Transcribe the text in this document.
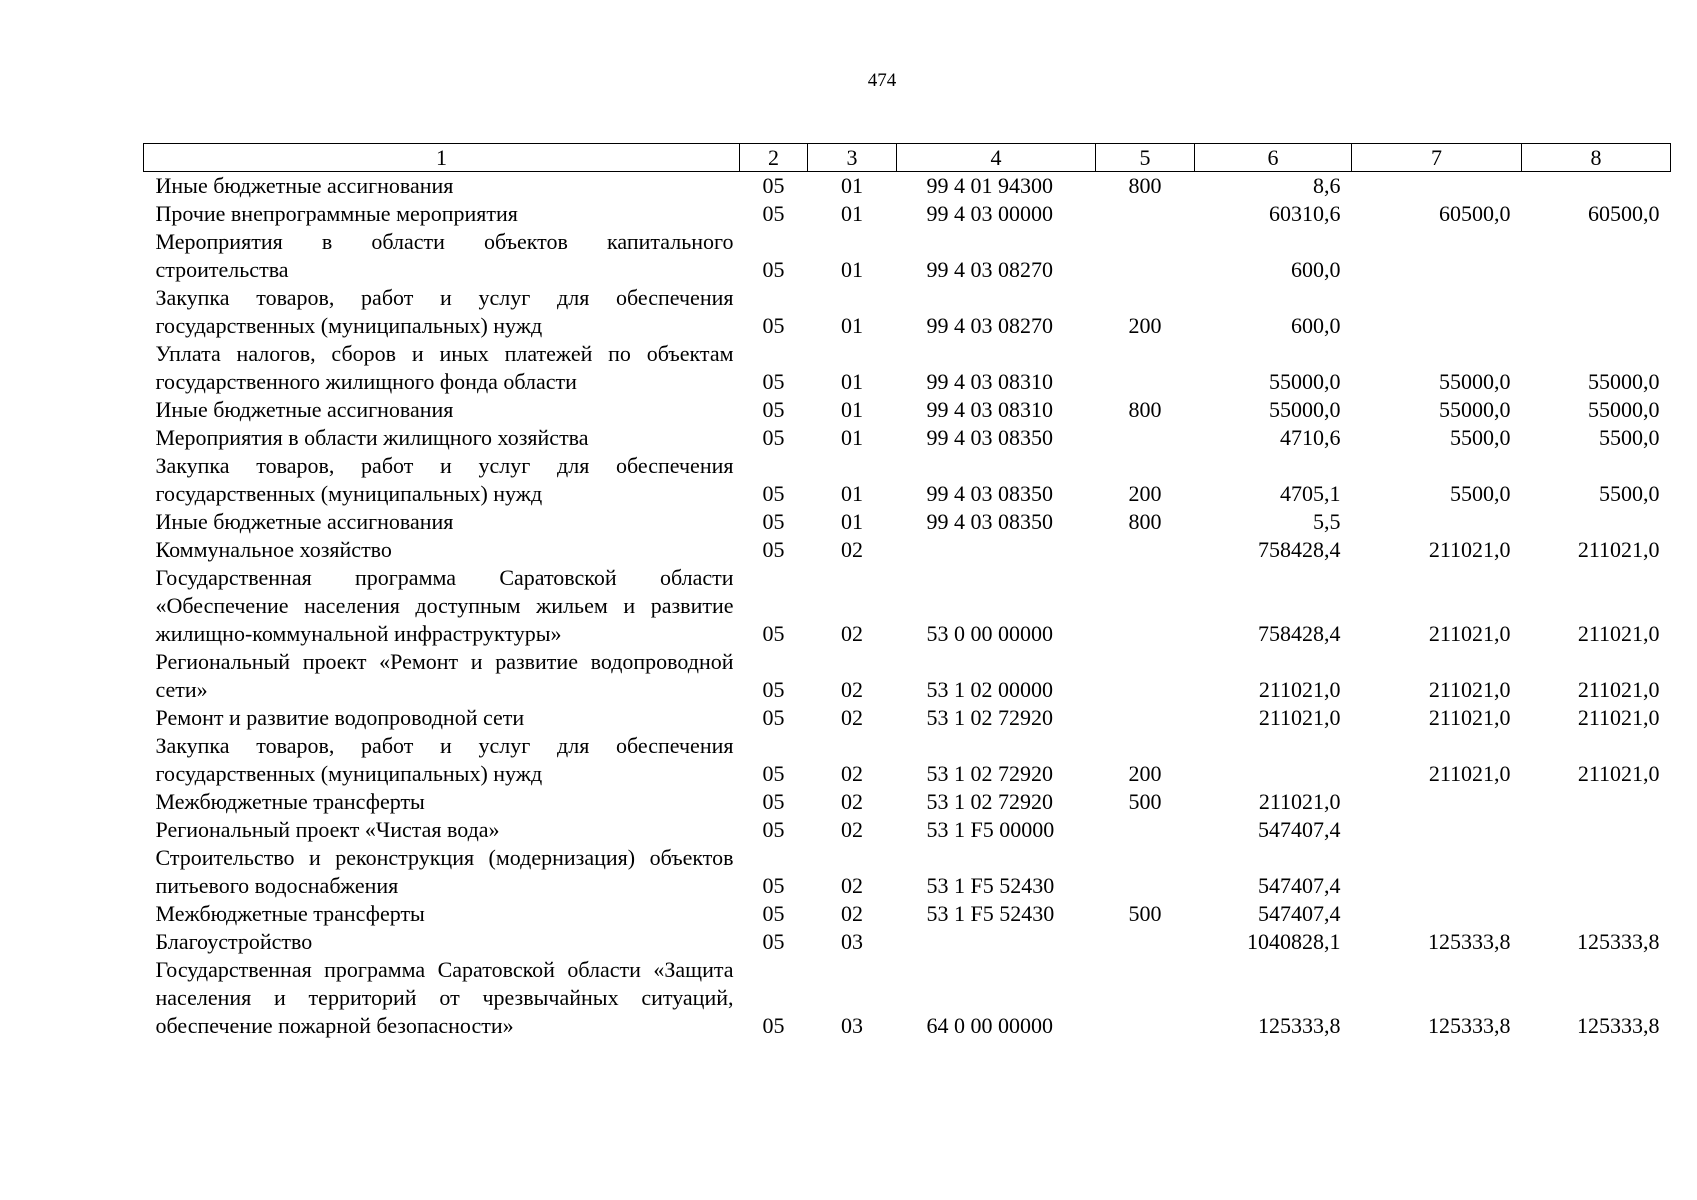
474
1	2	3	4	5	6	7	8
Иные бюджетные ассигнования	05	01	99 4 01 94300	800	8,6		
Прочие внепрограммные мероприятия	05	01	99 4 03 00000		60310,6	60500,0	60500,0
Мероприятия в области объектов капитального строительства	05	01	99 4 03 08270		600,0		
Закупка товаров, работ и услуг для обеспечения государственных (муниципальных) нужд	05	01	99 4 03 08270	200	600,0		
Уплата налогов, сборов и иных платежей по объектам государственного жилищного фонда области	05	01	99 4 03 08310		55000,0	55000,0	55000,0
Иные бюджетные ассигнования	05	01	99 4 03 08310	800	55000,0	55000,0	55000,0
Мероприятия в области жилищного хозяйства	05	01	99 4 03 08350		4710,6	5500,0	5500,0
Закупка товаров, работ и услуг для обеспечения государственных (муниципальных) нужд	05	01	99 4 03 08350	200	4705,1	5500,0	5500,0
Иные бюджетные ассигнования	05	01	99 4 03 08350	800	5,5		
Коммунальное хозяйство	05	02			758428,4	211021,0	211021,0
Государственная программа Саратовской области «Обеспечение населения доступным жильем и развитие жилищно-коммунальной инфраструктуры»	05	02	53 0 00 00000		758428,4	211021,0	211021,0
Региональный проект «Ремонт и развитие водопроводной сети»	05	02	53 1 02 00000		211021,0	211021,0	211021,0
Ремонт и развитие водопроводной сети	05	02	53 1 02 72920		211021,0	211021,0	211021,0
Закупка товаров, работ и услуг для обеспечения государственных (муниципальных) нужд	05	02	53 1 02 72920	200		211021,0	211021,0
Межбюджетные трансферты	05	02	53 1 02 72920	500	211021,0		
Региональный проект «Чистая вода»	05	02	53 1 F5 00000		547407,4		
Строительство и реконструкция (модернизация) объектов питьевого водоснабжения	05	02	53 1 F5 52430		547407,4		
Межбюджетные трансферты	05	02	53 1 F5 52430	500	547407,4		
Благоустройство	05	03			1040828,1	125333,8	125333,8
Государственная программа Саратовской области «Защита населения и территорий от чрезвычайных ситуаций, обеспечение пожарной безопасности»	05	03	64 0 00 00000		125333,8	125333,8	125333,8
